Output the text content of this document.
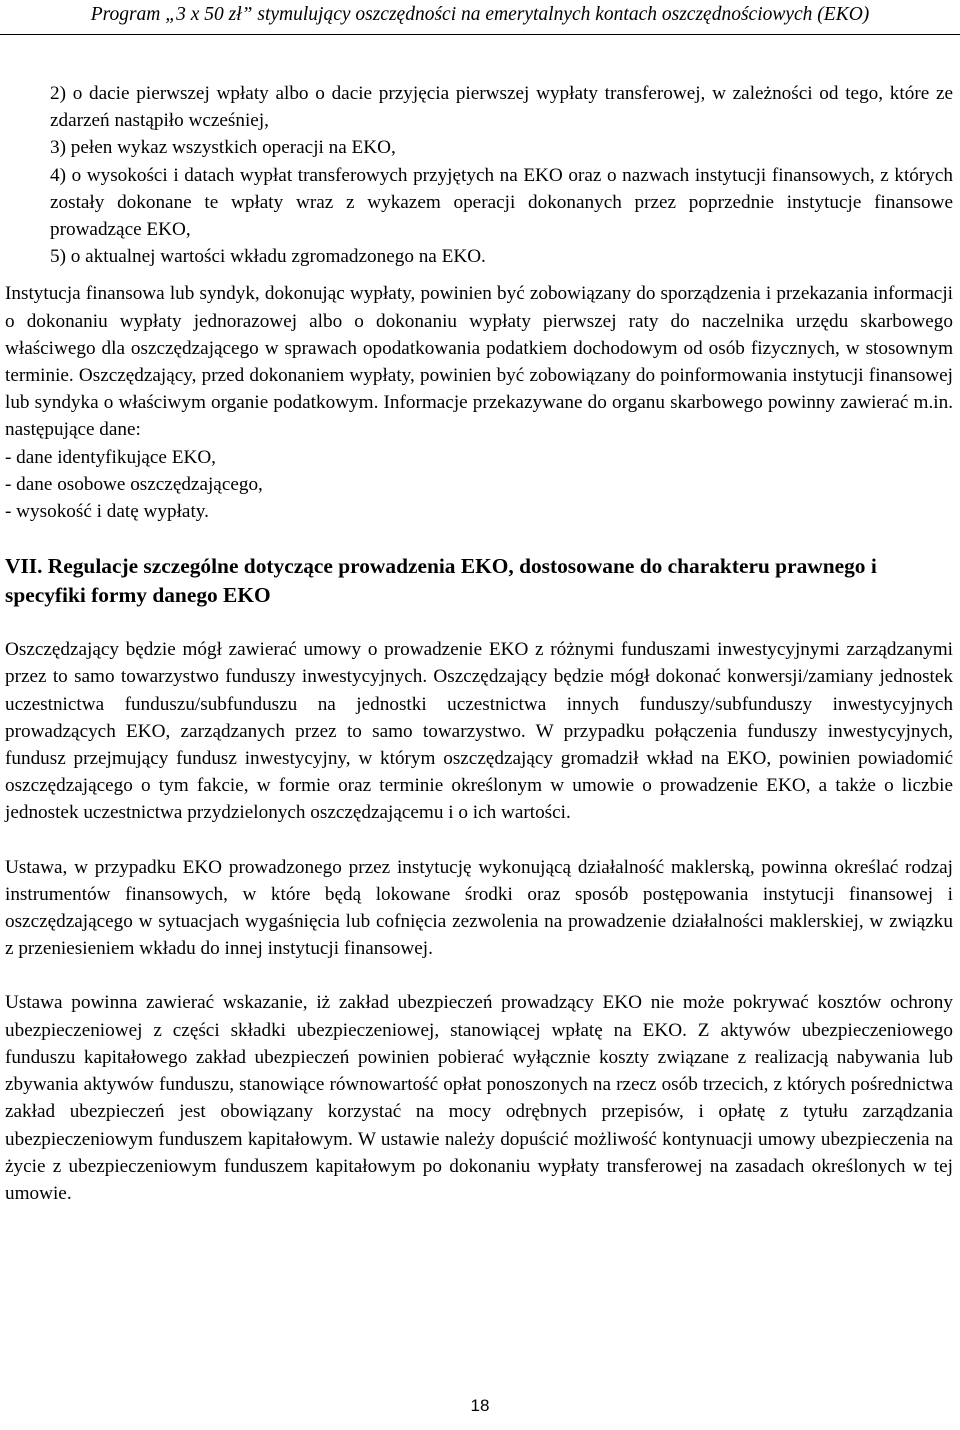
Program „3 x 50 zł” stymulujący oszczędności na emerytalnych kontach oszczędnościowych (EKO)

2) o dacie pierwszej wpłaty albo o dacie przyjęcia pierwszej wypłaty transferowej, w zależności od tego, które ze zdarzeń nastąpiło wcześniej,

3) pełen wykaz wszystkich operacji na EKO,

4) o wysokości i datach wypłat transferowych przyjętych na EKO oraz o nazwach instytucji finansowych, z których zostały dokonane te wpłaty wraz z wykazem operacji dokonanych przez poprzednie instytucje finansowe prowadzące EKO,

5) o aktualnej wartości wkładu zgromadzonego na EKO.

Instytucja finansowa lub syndyk, dokonując wypłaty, powinien być zobowiązany do sporządzenia i przekazania informacji o dokonaniu wypłaty jednorazowej albo o dokonaniu wypłaty pierwszej raty do naczelnika urzędu skarbowego właściwego dla oszczędzającego w sprawach opodatkowania podatkiem dochodowym od osób fizycznych, w stosownym terminie. Oszczędzający, przed dokonaniem wypłaty, powinien być zobowiązany do poinformowania instytucji finansowej lub syndyka o właściwym organie podatkowym. Informacje przekazywane do organu skarbowego powinny zawierać m.in. następujące dane:

- dane identyfikujące EKO,

- dane osobowe oszczędzającego,

- wysokość i datę wypłaty.

VII. Regulacje szczególne dotyczące prowadzenia EKO, dostosowane do charakteru prawnego i specyfiki formy danego EKO

Oszczędzający będzie mógł zawierać umowy o prowadzenie EKO z różnymi funduszami inwestycyjnymi zarządzanymi przez to samo towarzystwo funduszy inwestycyjnych. Oszczędzający będzie mógł dokonać konwersji/zamiany jednostek uczestnictwa funduszu/subfunduszu na jednostki uczestnictwa innych funduszy/subfunduszy inwestycyjnych prowadzących EKO, zarządzanych przez to samo towarzystwo. W przypadku połączenia funduszy inwestycyjnych, fundusz przejmujący fundusz inwestycyjny, w którym oszczędzający gromadził wkład na EKO, powinien powiadomić oszczędzającego o tym fakcie, w formie oraz terminie określonym w umowie o prowadzenie EKO, a także o liczbie jednostek uczestnictwa przydzielonych oszczędzającemu i o ich wartości.

Ustawa, w przypadku EKO prowadzonego przez instytucję wykonującą działalność maklerską, powinna określać rodzaj instrumentów finansowych, w które będą lokowane środki oraz sposób postępowania instytucji finansowej i oszczędzającego w sytuacjach wygaśnięcia lub cofnięcia zezwolenia na prowadzenie działalności maklerskiej, w związku z przeniesieniem wkładu do innej instytucji finansowej.

Ustawa powinna zawierać wskazanie, iż zakład ubezpieczeń prowadzący EKO nie może pokrywać kosztów ochrony ubezpieczeniowej z części składki ubezpieczeniowej, stanowiącej wpłatę na EKO. Z aktywów ubezpieczeniowego funduszu kapitałowego zakład ubezpieczeń powinien pobierać wyłącznie koszty związane z realizacją nabywania lub zbywania aktywów funduszu, stanowiące równowartość opłat ponoszonych na rzecz osób trzecich, z których pośrednictwa zakład ubezpieczeń jest obowiązany korzystać na mocy odrębnych przepisów, i opłatę z tytułu zarządzania ubezpieczeniowym funduszem kapitałowym. W ustawie należy dopuścić możliwość kontynuacji umowy ubezpieczenia na życie z ubezpieczeniowym funduszem kapitałowym po dokonaniu wypłaty transferowej na zasadach określonych w tej umowie.

18
